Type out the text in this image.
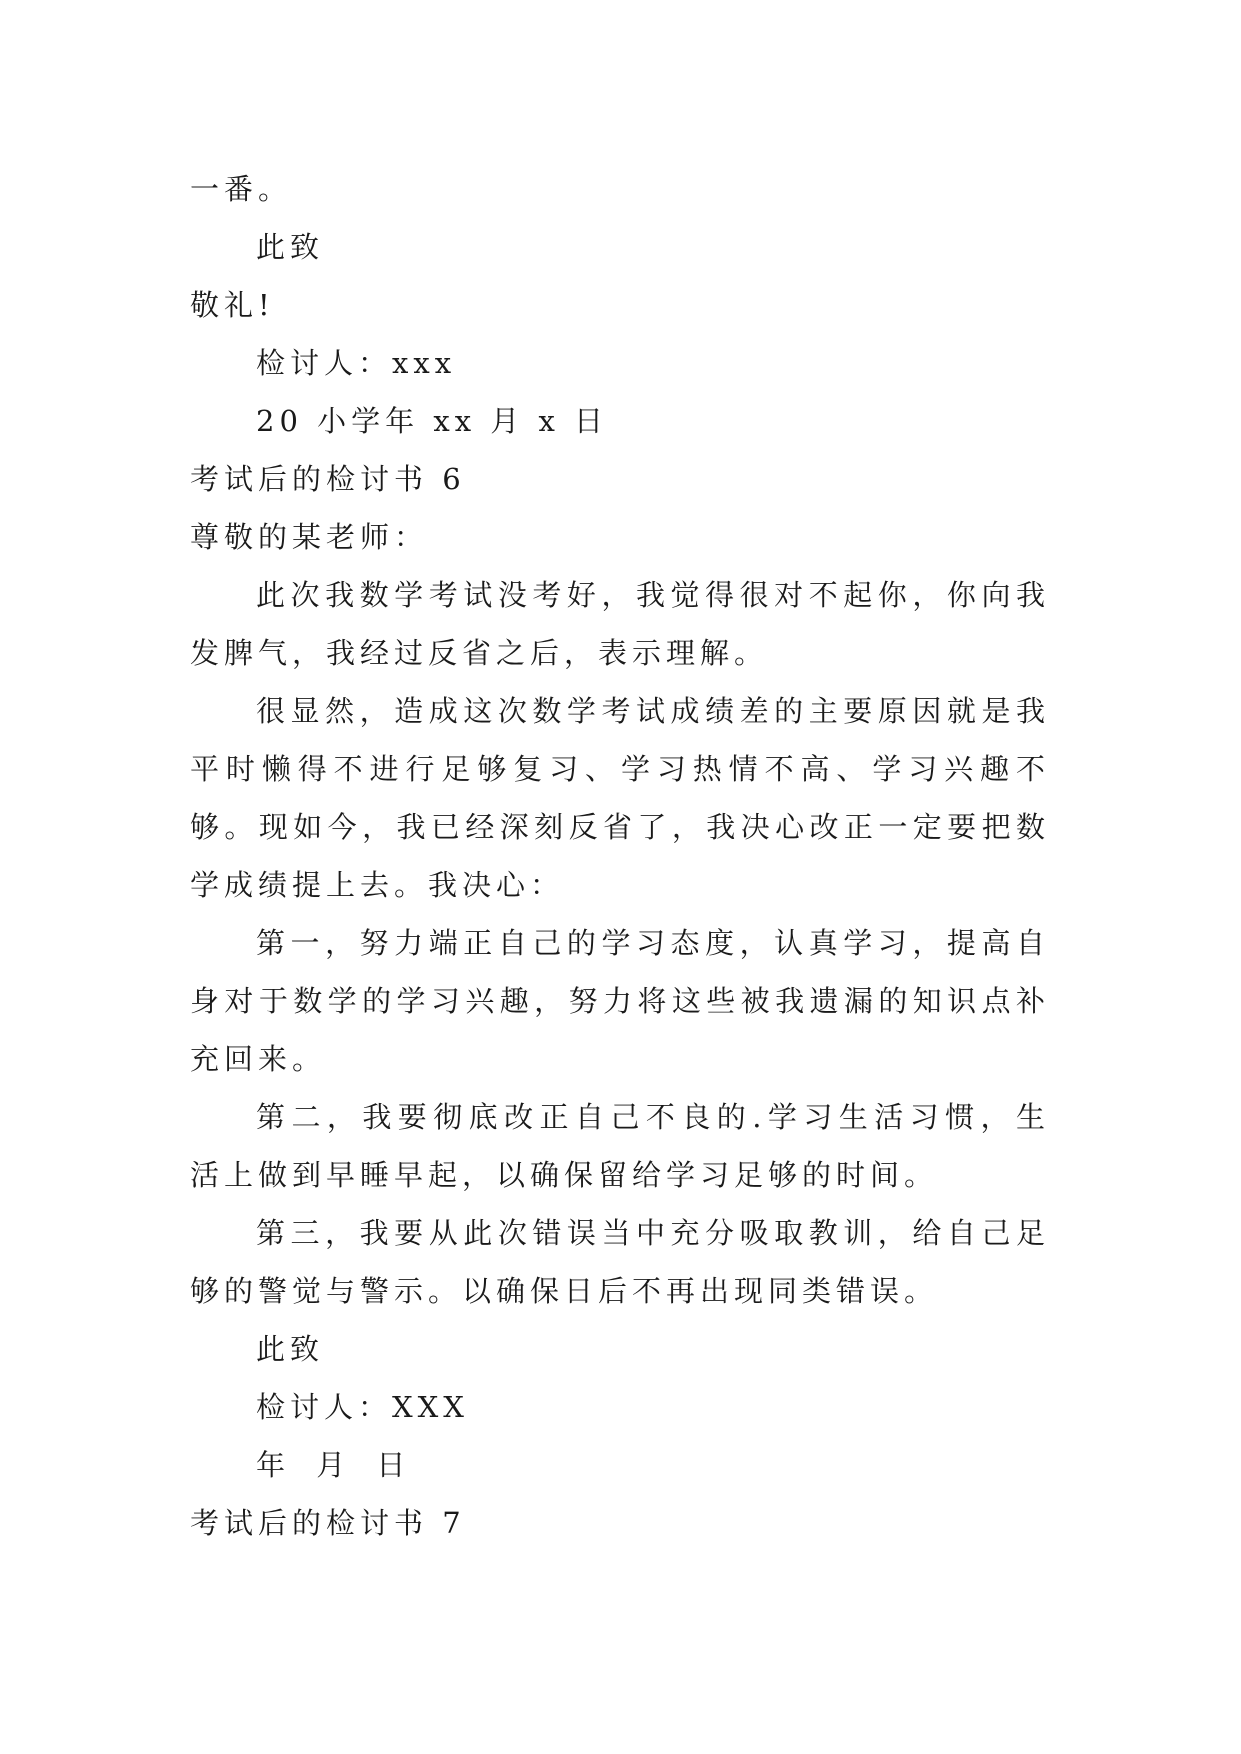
一番。
此致
敬礼!
检讨人：xxx
20 小学年 xx 月 x 日
考试后的检讨书 6
尊敬的某老师：

此次我数学考试没考好，我觉得很对不起你，你向我发脾气，我经过反省之后，表示理解。

很显然，造成这次数学考试成绩差的主要原因就是我平时懒得不进行足够复习、学习热情不高、学习兴趣不够。现如今，我已经深刻反省了，我决心改正一定要把数学成绩提上去。我决心：

第一，努力端正自己的学习态度，认真学习，提高自身对于数学的学习兴趣，努力将这些被我遗漏的知识点补充回来。

第二，我要彻底改正自己不良的.学习生活习惯，生活上做到早睡早起，以确保留给学习足够的时间。

第三，我要从此次错误当中充分吸取教训，给自己足够的警觉与警示。以确保日后不再出现同类错误。

此致
检讨人：XXX
年 月 日
考试后的检讨书 7
